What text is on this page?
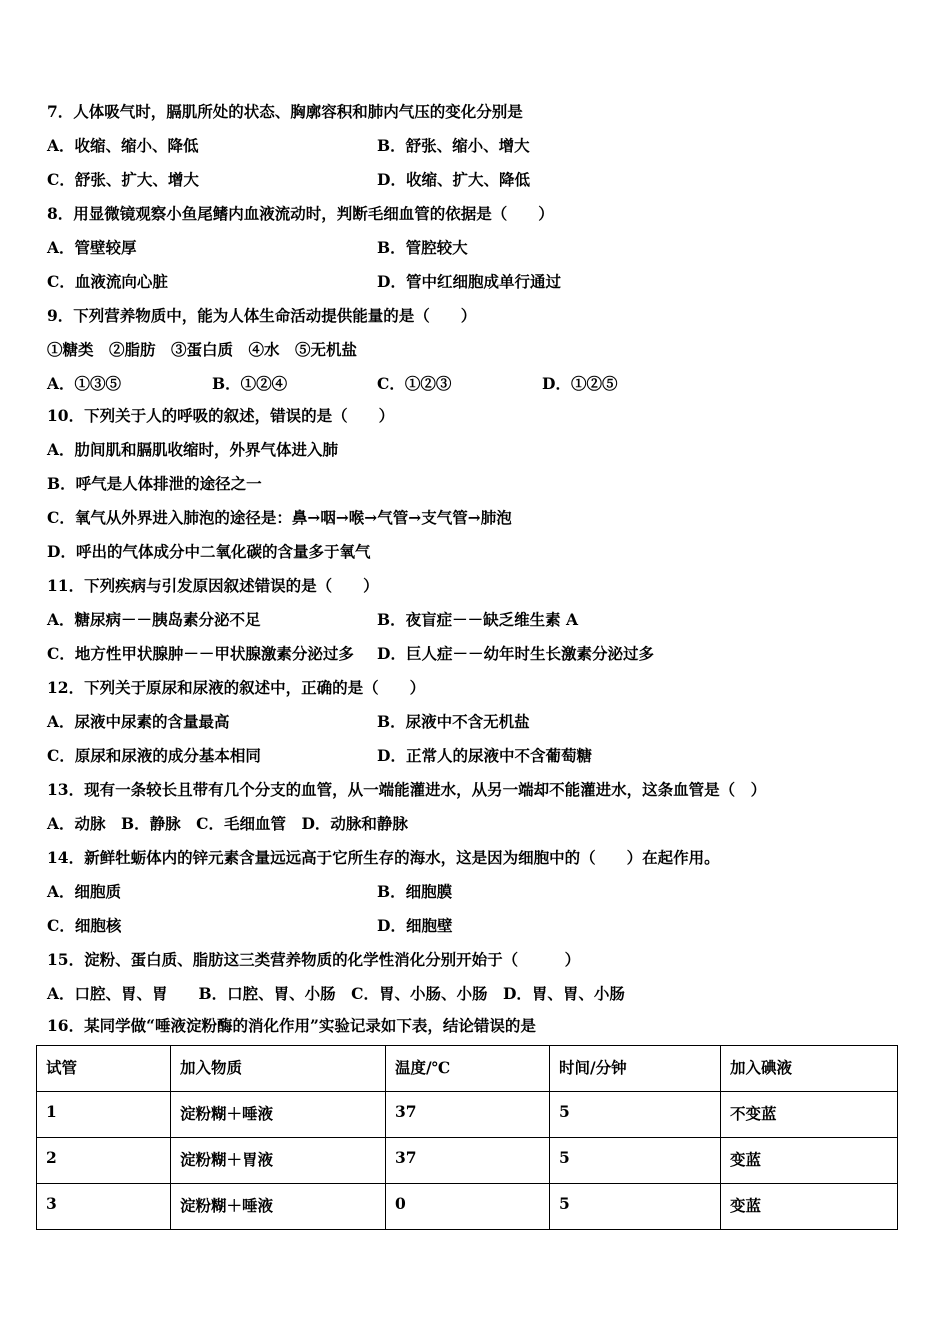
7．人体吸气时，膈肌所处的状态、胸廓容积和肺内气压的变化分别是
A．收缩、缩小、降低	B．舒张、缩小、增大
C．舒张、扩大、增大	D．收缩、扩大、降低
8．用显微镜观察小鱼尾鳍内血液流动时，判断毛细血管的依据是（　　）
A．管壁较厚	B．管腔较大
C．血液流向心脏	D．管中红细胞成单行通过
9．下列营养物质中，能为人体生命活动提供能量的是（　　）
①糖类　②脂肪　③蛋白质　④水　⑤无机盐
A．①③⑤	B．①②④	C．①②③	D．①②⑤
10．下列关于人的呼吸的叙述，错误的是（　　）
A．肋间肌和膈肌收缩时，外界气体进入肺
B．呼气是人体排泄的途径之一
C．氧气从外界进入肺泡的途径是：鼻→咽→喉→气管→支气管→肺泡
D．呼出的气体成分中二氧化碳的含量多于氧气
11．下列疾病与引发原因叙述错误的是（　　）
A．糖尿病－－胰岛素分泌不足	B．夜盲症－－缺乏维生素 A
C．地方性甲状腺肿－－甲状腺激素分泌过多 D．巨人症－－幼年时生长激素分泌过多
12．下列关于原尿和尿液的叙述中，正确的是（　　）
A．尿液中尿素的含量最高	B．尿液中不含无机盐
C．原尿和尿液的成分基本相同	D．正常人的尿液中不含葡萄糖
13．现有一条较长且带有几个分支的血管，从一端能灌进水，从另一端却不能灌进水，这条血管是（　）
A．动脉　B．静脉　C．毛细血管　D．动脉和静脉
14．新鲜牡蛎体内的锌元素含量远远高于它所生存的海水，这是因为细胞中的（　　）在起作用。
A．细胞质	B．细胞膜
C．细胞核	D．细胞壁
15．淀粉、蛋白质、脂肪这三类营养物质的化学性消化分别开始于（　　　）
A．口腔、胃、胃　　B．口腔、胃、小肠　C．胃、小肠、小肠　D．胃、胃、小肠
16．某同学做“唾液淀粉酶的消化作用”实验记录如下表，结论错误的是
试管	加入物质	温度/℃	时间/分钟	加入碘液
1	淀粉糊＋唾液	37	5	不变蓝
2	淀粉糊＋胃液	37	5	变蓝
3	淀粉糊＋唾液	0	5	变蓝
